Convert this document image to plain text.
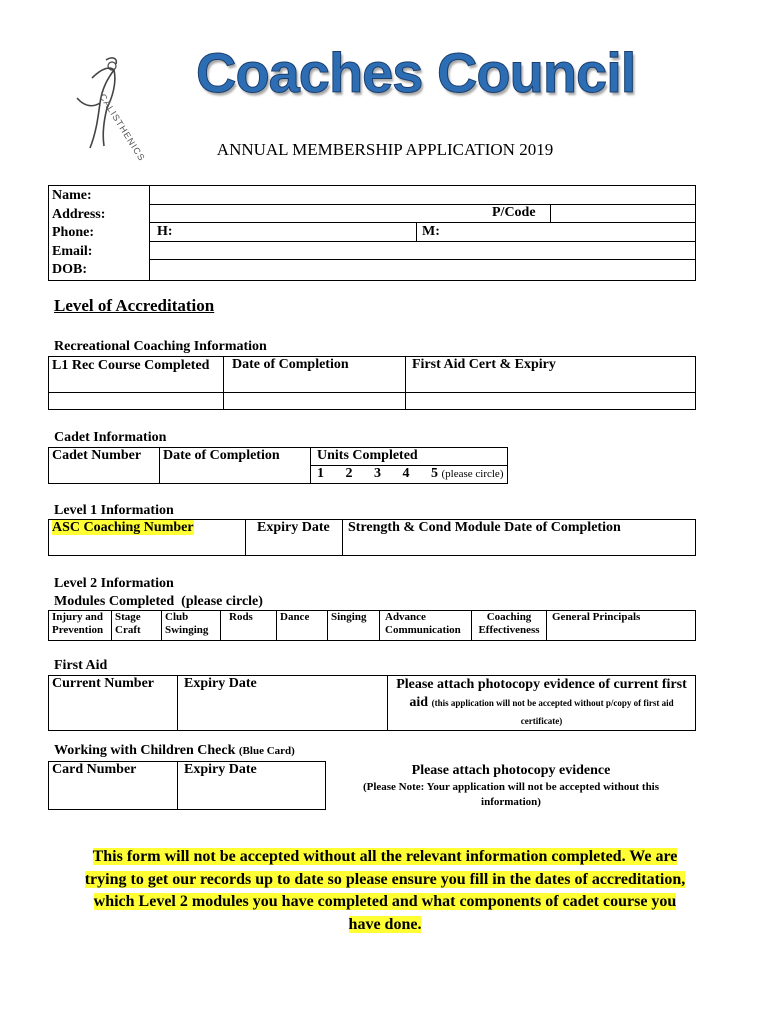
CALISTHENICS
Coaches Council
ANNUAL MEMBERSHIP APPLICATION 2019
Name:
Address:
Phone:
Email:
DOB:

P/Code
H:	M:
Level of Accreditation
Recreational Coaching Information
L1 Rec Course Completed	Date of Completion	First Aid Cert & Expiry

Cadet Information
Cadet Number	Date of Completion	Units Completed
		1 2 3 4 5 (please circle)
Level 1 Information
ASC Coaching Number	Expiry Date	Strength & Cond Module Date of Completion

Level 2 Information
Modules Completed  (please circle)
Injury and Prevention	Stage Craft	Club Swinging	Rods	Dance	Singing	Advance Communication	Coaching Effectiveness	General Principals
First Aid
Current Number	Expiry Date	Please attach photocopy evidence of current first aid (this application will not be accepted without p/copy of first aid certificate)

Working with Children Check (Blue Card)
Card Number	Expiry Date	Please attach photocopy evidence
(Please Note: Your application will not be accepted without this information)

This form will not be accepted without all the relevant information completed. We are
trying to get our records up to date so please ensure you fill in the dates of accreditation,
which Level 2 modules you have completed and what components of cadet course you
have done.
